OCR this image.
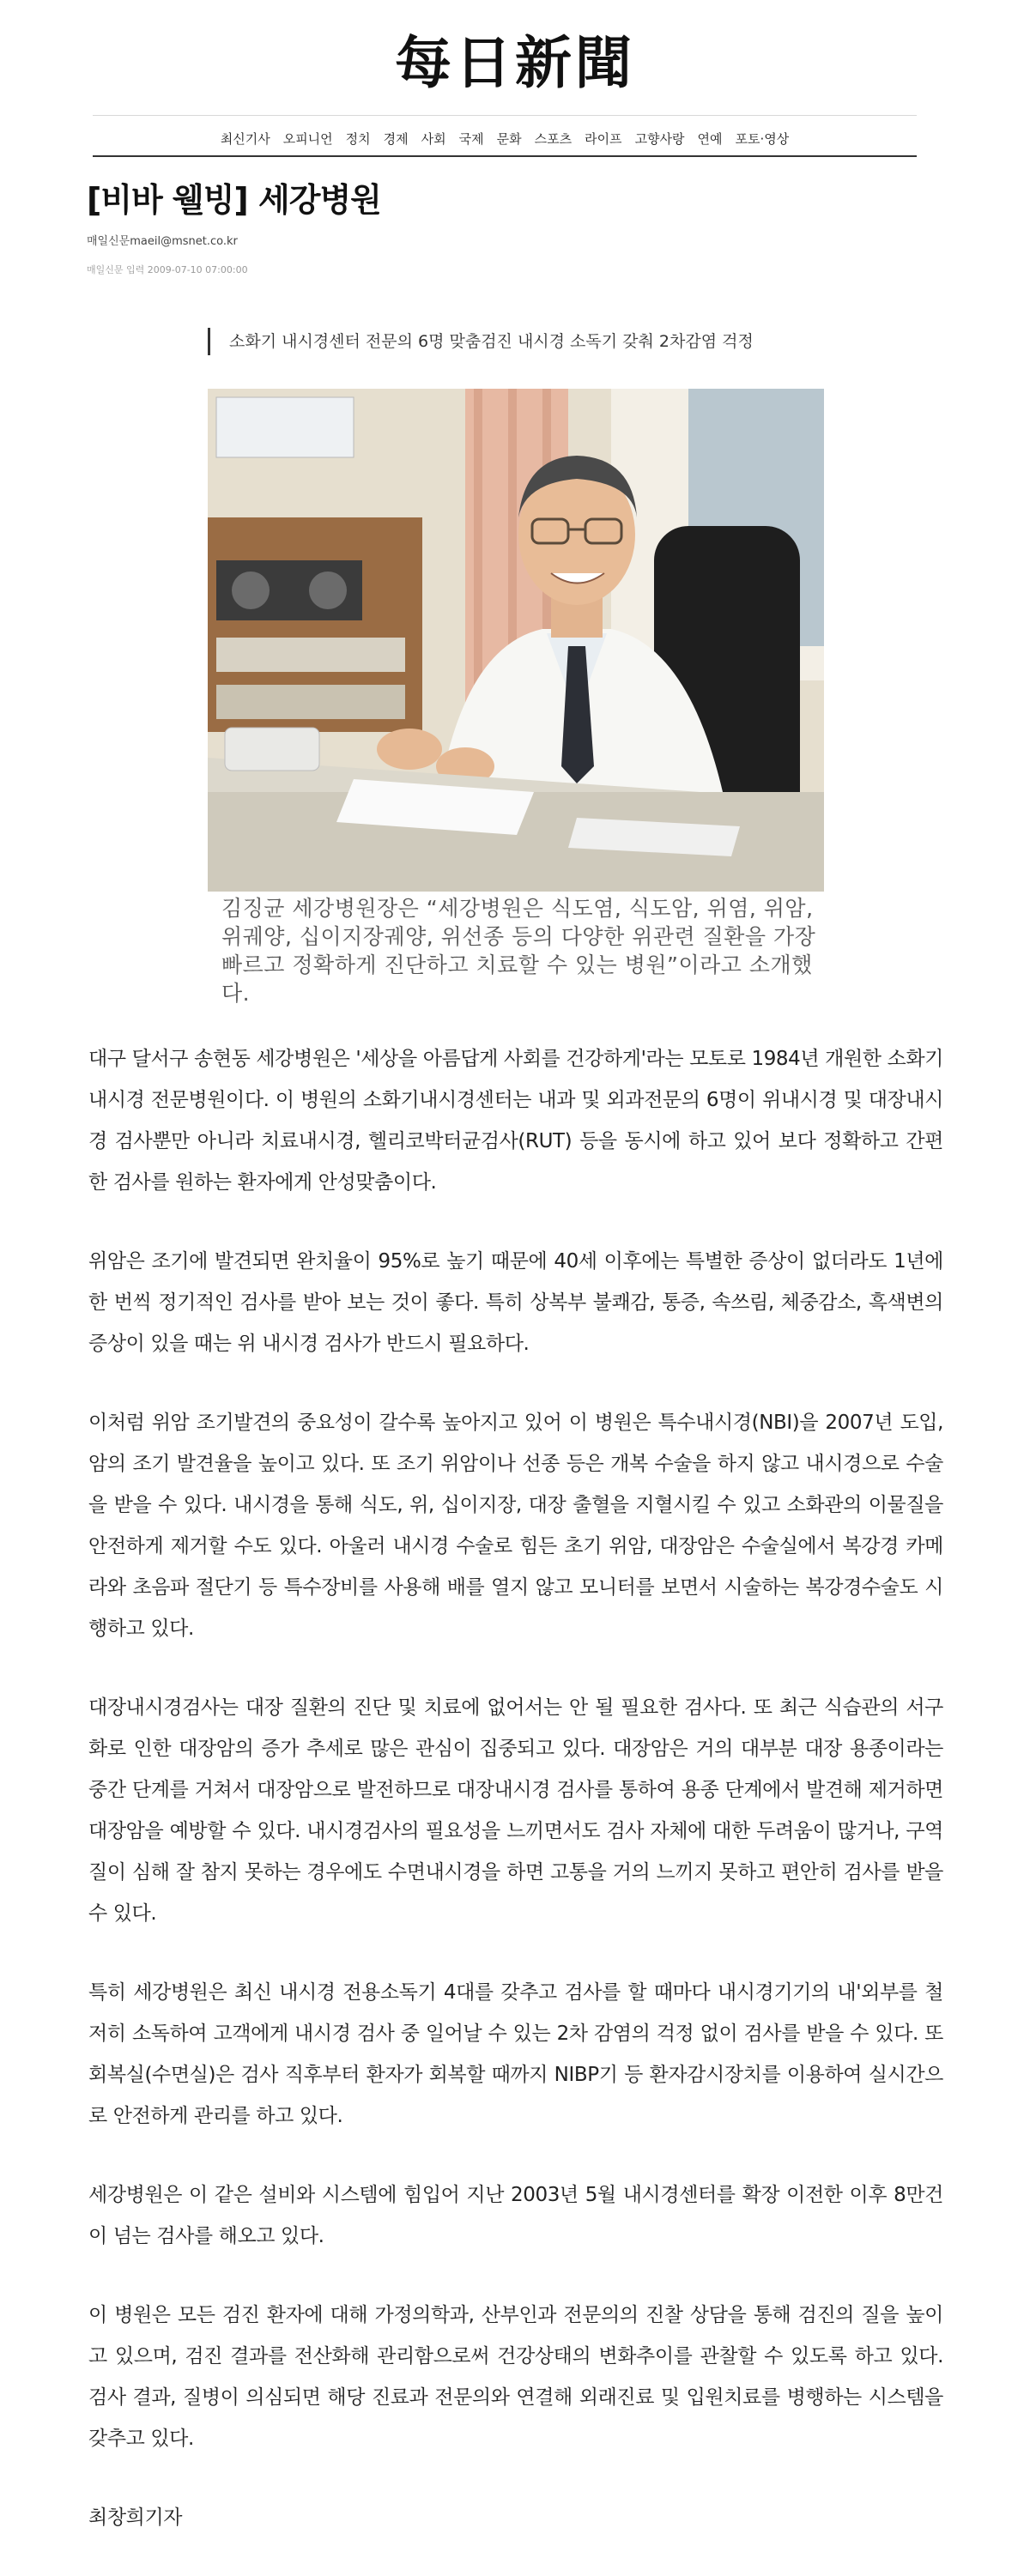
每日新聞
최신기사 오피니언 정치 경제 사회 국제 문화 스포츠 라이프 고향사랑 연예 포토·영상
[비바 웰빙] 세강병원
매일신문maeil@msnet.co.kr
매일신문 입력 2009-07-10 07:00:00
소화기 내시경센터 전문의 6명 맞춤검진 내시경 소독기 갖춰 2차감염 걱정
김징균 세강병원장은 “세강병원은 식도염, 식도암, 위염, 위암, 위궤양, 십이지장궤양, 위선종 등의 다양한 위관련 질환을 가장 빠르고 정확하게 진단하고 치료할 수 있는 병원”이라고 소개했다.

대구 달서구 송현동 세강병원은 '세상을 아름답게 사회를 건강하게'라는 모토로 1984년 개원한 소화기 내시경 전문병원이다. 이 병원의 소화기내시경센터는 내과 및 외과전문의 6명이 위내시경 및 대장내시경 검사뿐만 아니라 치료내시경, 헬리코박터균검사(RUT) 등을 동시에 하고 있어 보다 정확하고 간편한 검사를 원하는 환자에게 안성맞춤이다.

위암은 조기에 발견되면 완치율이 95%로 높기 때문에 40세 이후에는 특별한 증상이 없더라도 1년에 한 번씩 정기적인 검사를 받아 보는 것이 좋다. 특히 상복부 불쾌감, 통증, 속쓰림, 체중감소, 흑색변의 증상이 있을 때는 위 내시경 검사가 반드시 필요하다.

이처럼 위암 조기발견의 중요성이 갈수록 높아지고 있어 이 병원은 특수내시경(NBI)을 2007년 도입, 암의 조기 발견율을 높이고 있다. 또 조기 위암이나 선종 등은 개복 수술을 하지 않고 내시경으로 수술을 받을 수 있다. 내시경을 통해 식도, 위, 십이지장, 대장 출혈을 지혈시킬 수 있고 소화관의 이물질을 안전하게 제거할 수도 있다. 아울러 내시경 수술로 힘든 초기 위암, 대장암은 수술실에서 복강경 카메라와 초음파 절단기 등 특수장비를 사용해 배를 열지 않고 모니터를 보면서 시술하는 복강경수술도 시행하고 있다.

대장내시경검사는 대장 질환의 진단 및 치료에 없어서는 안 될 필요한 검사다. 또 최근 식습관의 서구화로 인한 대장암의 증가 추세로 많은 관심이 집중되고 있다. 대장암은 거의 대부분 대장 용종이라는 중간 단계를 거쳐서 대장암으로 발전하므로 대장내시경 검사를 통하여 용종 단계에서 발견해 제거하면 대장암을 예방할 수 있다. 내시경검사의 필요성을 느끼면서도 검사 자체에 대한 두려움이 많거나, 구역질이 심해 잘 참지 못하는 경우에도 수면내시경을 하면 고통을 거의 느끼지 못하고 편안히 검사를 받을 수 있다.

특히 세강병원은 최신 내시경 전용소독기 4대를 갖추고 검사를 할 때마다 내시경기기의 내'외부를 철저히 소독하여 고객에게 내시경 검사 중 일어날 수 있는 2차 감염의 걱정 없이 검사를 받을 수 있다. 또 회복실(수면실)은 검사 직후부터 환자가 회복할 때까지 NIBP기 등 환자감시장치를 이용하여 실시간으로 안전하게 관리를 하고 있다.

세강병원은 이 같은 설비와 시스템에 힘입어 지난 2003년 5월 내시경센터를 확장 이전한 이후 8만건이 넘는 검사를 해오고 있다.

이 병원은 모든 검진 환자에 대해 가정의학과, 산부인과 전문의의 진찰 상담을 통해 검진의 질을 높이고 있으며, 검진 결과를 전산화해 관리함으로써 건강상태의 변화추이를 관찰할 수 있도록 하고 있다. 검사 결과, 질병이 의심되면 해당 진료과 전문의와 연결해 외래진료 및 입원치료를 병행하는 시스템을 갖추고 있다.

최창희기자
